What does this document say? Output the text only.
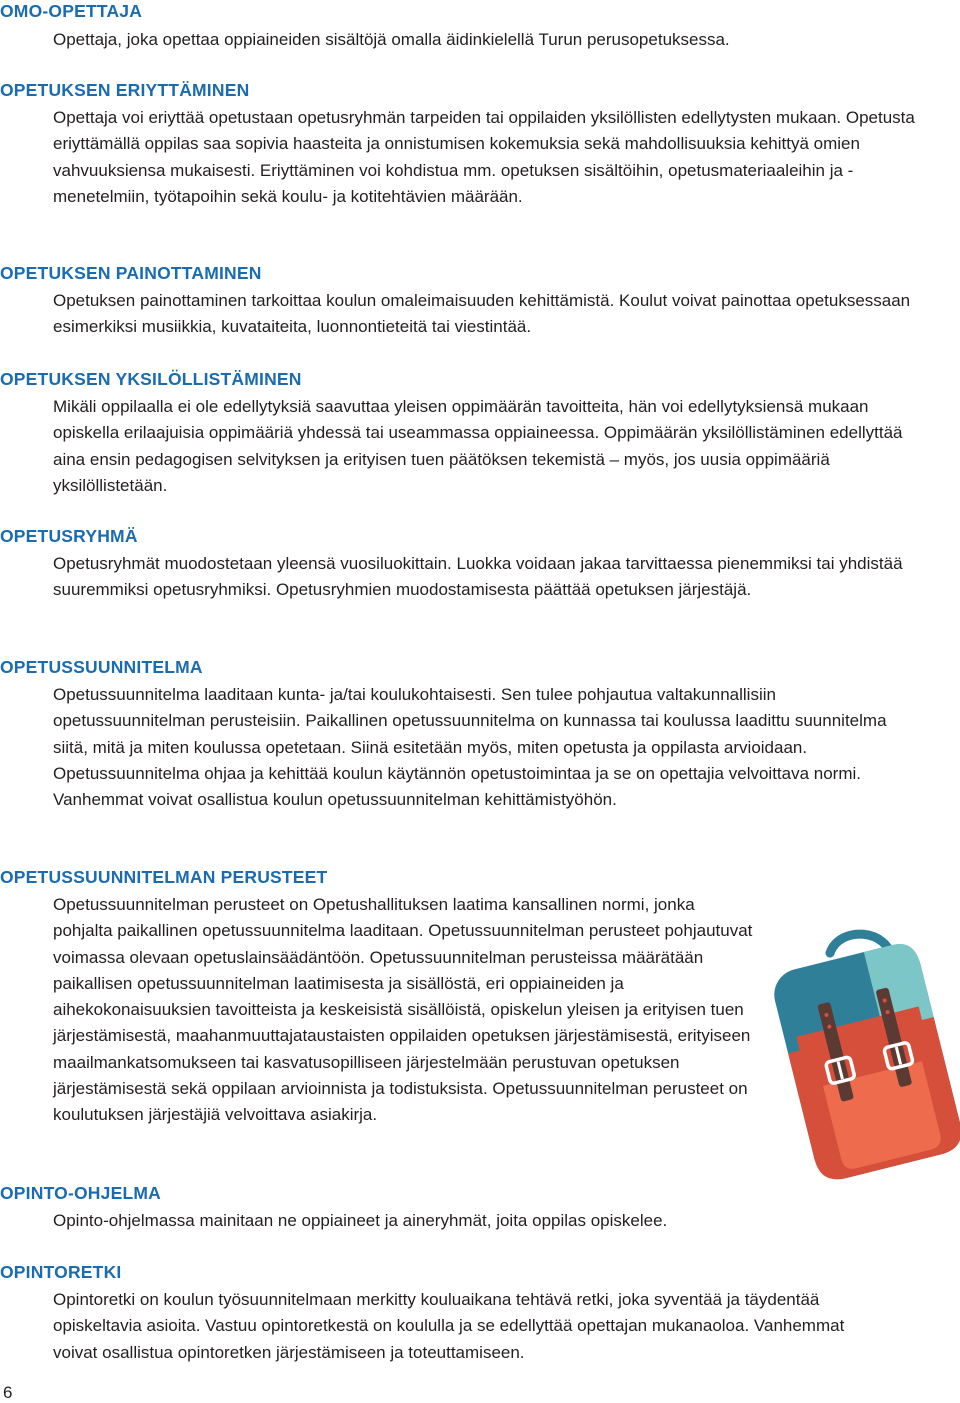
OMO-OPETTAJA

Opettaja, joka opettaa oppiaineiden sisältöjä omalla äidinkielellä Turun perusopetuksessa.

OPETUKSEN ERIYTTÄMINEN

Opettaja voi eriyttää opetustaan opetusryhmän tarpeiden tai oppilaiden yksilöllisten edellytysten mukaan. Opetusta eriyttämällä oppilas saa sopivia haasteita ja onnistumisen kokemuksia sekä mahdollisuuksia kehittyä omien vahvuuksiensa mukaisesti. Eriyttäminen voi kohdistua mm. opetuksen sisältöihin, opetusmateriaaleihin ja -menetelmiin, työtapoihin sekä koulu- ja kotitehtävien määrään.

OPETUKSEN PAINOTTAMINEN

Opetuksen painottaminen tarkoittaa koulun omaleimaisuuden kehittämistä. Koulut voivat painottaa opetuksessaan esimerkiksi musiikkia, kuvataiteita, luonnontieteitä tai viestintää.

OPETUKSEN YKSILÖLLISTÄMINEN

Mikäli oppilaalla ei ole edellytyksiä saavuttaa yleisen oppimäärän tavoitteita, hän voi edellytyksiensä mukaan opiskella erilaajuisia oppimääriä yhdessä tai useammassa oppiaineessa. Oppimäärän yksilöllistäminen edellyttää aina ensin pedagogisen selvityksen ja erityisen tuen päätöksen tekemistä – myös, jos uusia oppimääriä yksilöllistetään.

OPETUSRYHMÄ

Opetusryhmät muodostetaan yleensä vuosiluokittain. Luokka voidaan jakaa tarvittaessa pienemmiksi tai yhdistää suuremmiksi opetusryhmiksi. Opetusryhmien muodostamisesta päättää opetuksen järjestäjä.

OPETUSSUUNNITELMA

Opetussuunnitelma laaditaan kunta- ja/tai koulukohtaisesti. Sen tulee pohjautua valtakunnallisiin opetussuunnitelman perusteisiin. Paikallinen opetussuunnitelma on kunnassa tai koulussa laadittu suunnitelma siitä, mitä ja miten koulussa opetetaan. Siinä esitetään myös, miten opetusta ja oppilasta arvioidaan. Opetussuunnitelma ohjaa ja kehittää koulun käytännön opetustoimintaa ja se on opettajia velvoittava normi. Vanhemmat voivat osallistua koulun opetussuunnitelman kehittämistyöhön.

OPETUSSUUNNITELMAN PERUSTEET

Opetussuunnitelman perusteet on Opetushallituksen laatima kansallinen normi, jonka pohjalta paikallinen opetussuunnitelma laaditaan. Opetussuunnitelman perusteet pohjautuvat voimassa olevaan opetuslainsäädäntöön. Opetussuunnitelman perusteissa määrätään paikallisen opetussuunnitelman laatimisesta ja sisällöstä, eri oppiaineiden ja aihekokonaisuuksien tavoitteista ja keskeisistä sisällöistä, opiskelun yleisen ja erityisen tuen järjestämisestä, maahanmuuttajataustaisten oppilaiden opetuksen järjestämisestä, erityiseen maailmankatsomukseen tai kasvatusopilliseen järjestelmään perustuvan opetuksen järjestämisestä sekä oppilaan arvioinnista ja todistuksista. Opetussuunnitelman perusteet on koulutuksen järjestäjiä velvoittava asiakirja.

OPINTO-OHJELMA

Opinto-ohjelmassa mainitaan ne oppiaineet ja aineryhmät, joita oppilas opiskelee.

OPINTORETKI

Opintoretki on koulun työsuunnitelmaan merkitty kouluaikana tehtävä retki, joka syventää ja täydentää opiskeltavia asioita. Vastuu opintoretkestä on koululla ja se edellyttää opettajan mukanaoloa. Vanhemmat voivat osallistua opintoretken järjestämiseen ja toteuttamiseen.

6
